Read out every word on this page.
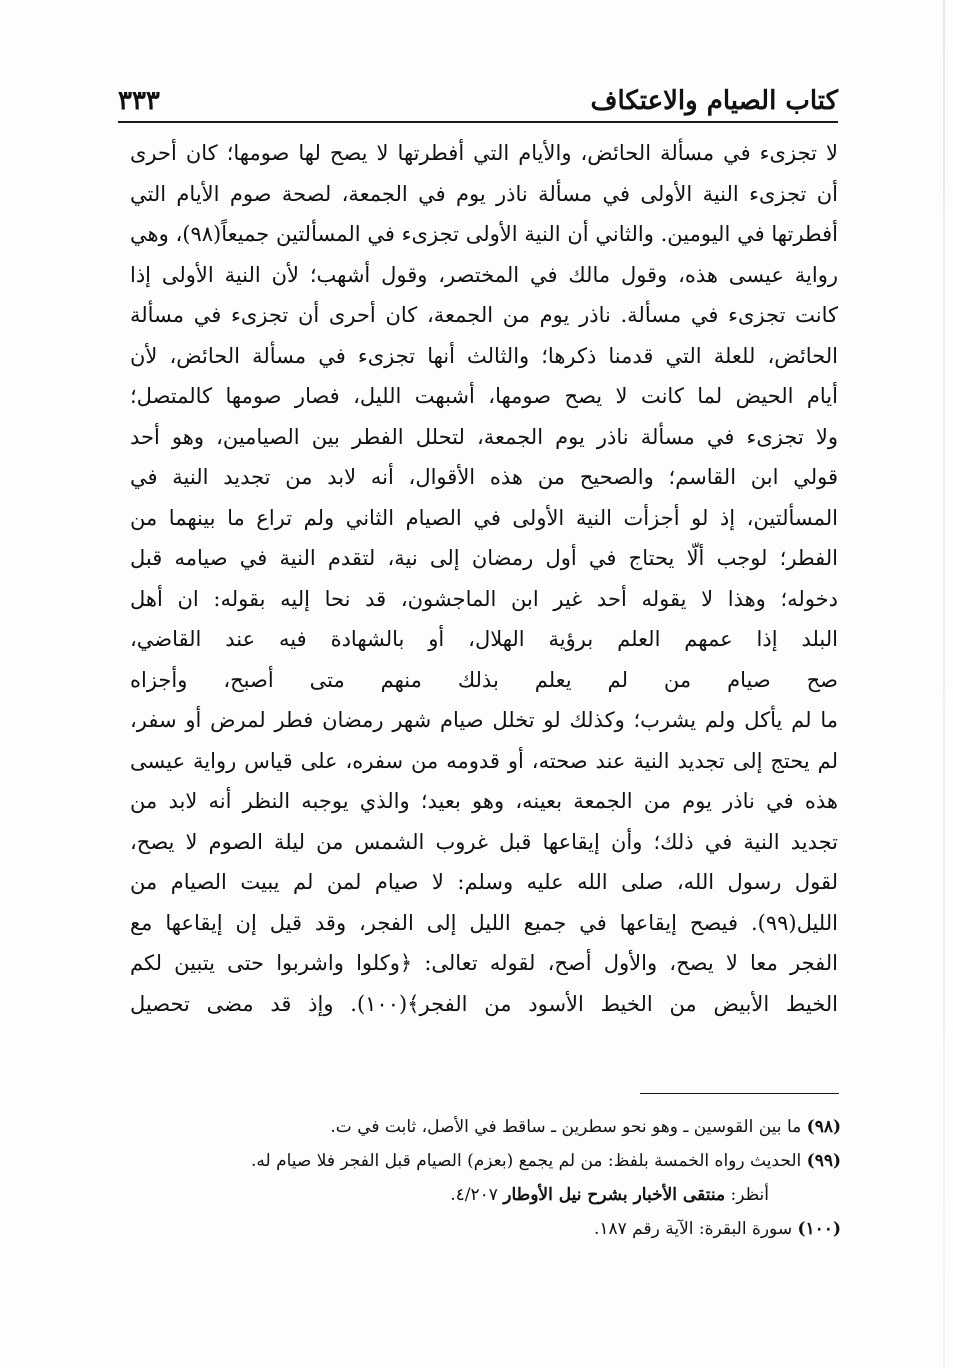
كتاب الصيام والاعتكاف
٣٣٣
لا تجزىء في مسألة الحائض، والأيام التي أفطرتها لا يصح لها صومها؛ كان أحرى
أن تجزىء النية الأولى في مسألة ناذر يوم في الجمعة، لصحة صوم الأيام التي
أفطرتها في اليومين. والثاني أن النية الأولى تجزىء في المسألتين جميعاً(٩٨)، وهي
رواية عيسى هذه، وقول مالك في المختصر، وقول أشهب؛ لأن النية الأولى إذا
كانت تجزىء في مسألة. ناذر يوم من الجمعة، كان أحرى أن تجزىء في مسألة
الحائض، للعلة التي قدمنا ذكرها؛ والثالث أنها تجزىء في مسألة الحائض، لأن
أيام الحيض لما كانت لا يصح صومها، أشبهت الليل، فصار صومها كالمتصل؛
ولا تجزىء في مسألة ناذر يوم الجمعة، لتحلل الفطر بين الصيامين، وهو أحد
قولي ابن القاسم؛ والصحيح من هذه الأقوال، أنه لابد من تجديد النية في
المسألتين، إذ لو أجزأت النية الأولى في الصيام الثاني ولم تراع ما بينهما من
الفطر؛ لوجب ألّا يحتاج في أول رمضان إلى نية، لتقدم النية في صيامه قبل
دخوله؛ وهذا لا يقوله أحد غير ابن الماجشون، قد نحا إليه بقوله: ان أهل
البلد إذا عمهم العلم برؤية الهلال، أو بالشهادة فيه عند القاضي،
صح صيام من لم يعلم بذلك منهم متى أصبح، وأجزاه
ما لم يأكل ولم يشرب؛ وكذلك لو تخلل صيام شهر رمضان فطر لمرض أو سفر،
لم يحتج إلى تجديد النية عند صحته، أو قدومه من سفره، على قياس رواية عيسى
هذه في ناذر يوم من الجمعة بعينه، وهو بعيد؛ والذي يوجبه النظر أنه لابد من
تجديد النية في ذلك؛ وأن إيقاعها قبل غروب الشمس من ليلة الصوم لا يصح،
لقول رسول الله، صلى الله عليه وسلم: لا صيام لمن لم يبيت الصيام من
الليل(٩٩). فيصح إيقاعها في جميع الليل إلى الفجر، وقد قيل إن إيقاعها مع
الفجر معا لا يصح، والأول أصح، لقوله تعالى: ﴿وكلوا واشربوا حتى يتبين لكم
الخيط الأبيض من الخيط الأسود من الفجر﴾(١٠٠). وإذ قد مضى تحصيل
(٩٨) ما بين القوسين ـ وهو نحو سطرين ـ ساقط في الأصل، ثابت في ت.
(٩٩) الحديث رواه الخمسة بلفظ: من لم يجمع (بعزم) الصيام قبل الفجر فلا صيام له.
أنظر: منتقى الأخبار بشرح نيل الأوطار ٤/٢٠٧.
(١٠٠) سورة البقرة: الآية رقم ١٨٧.
